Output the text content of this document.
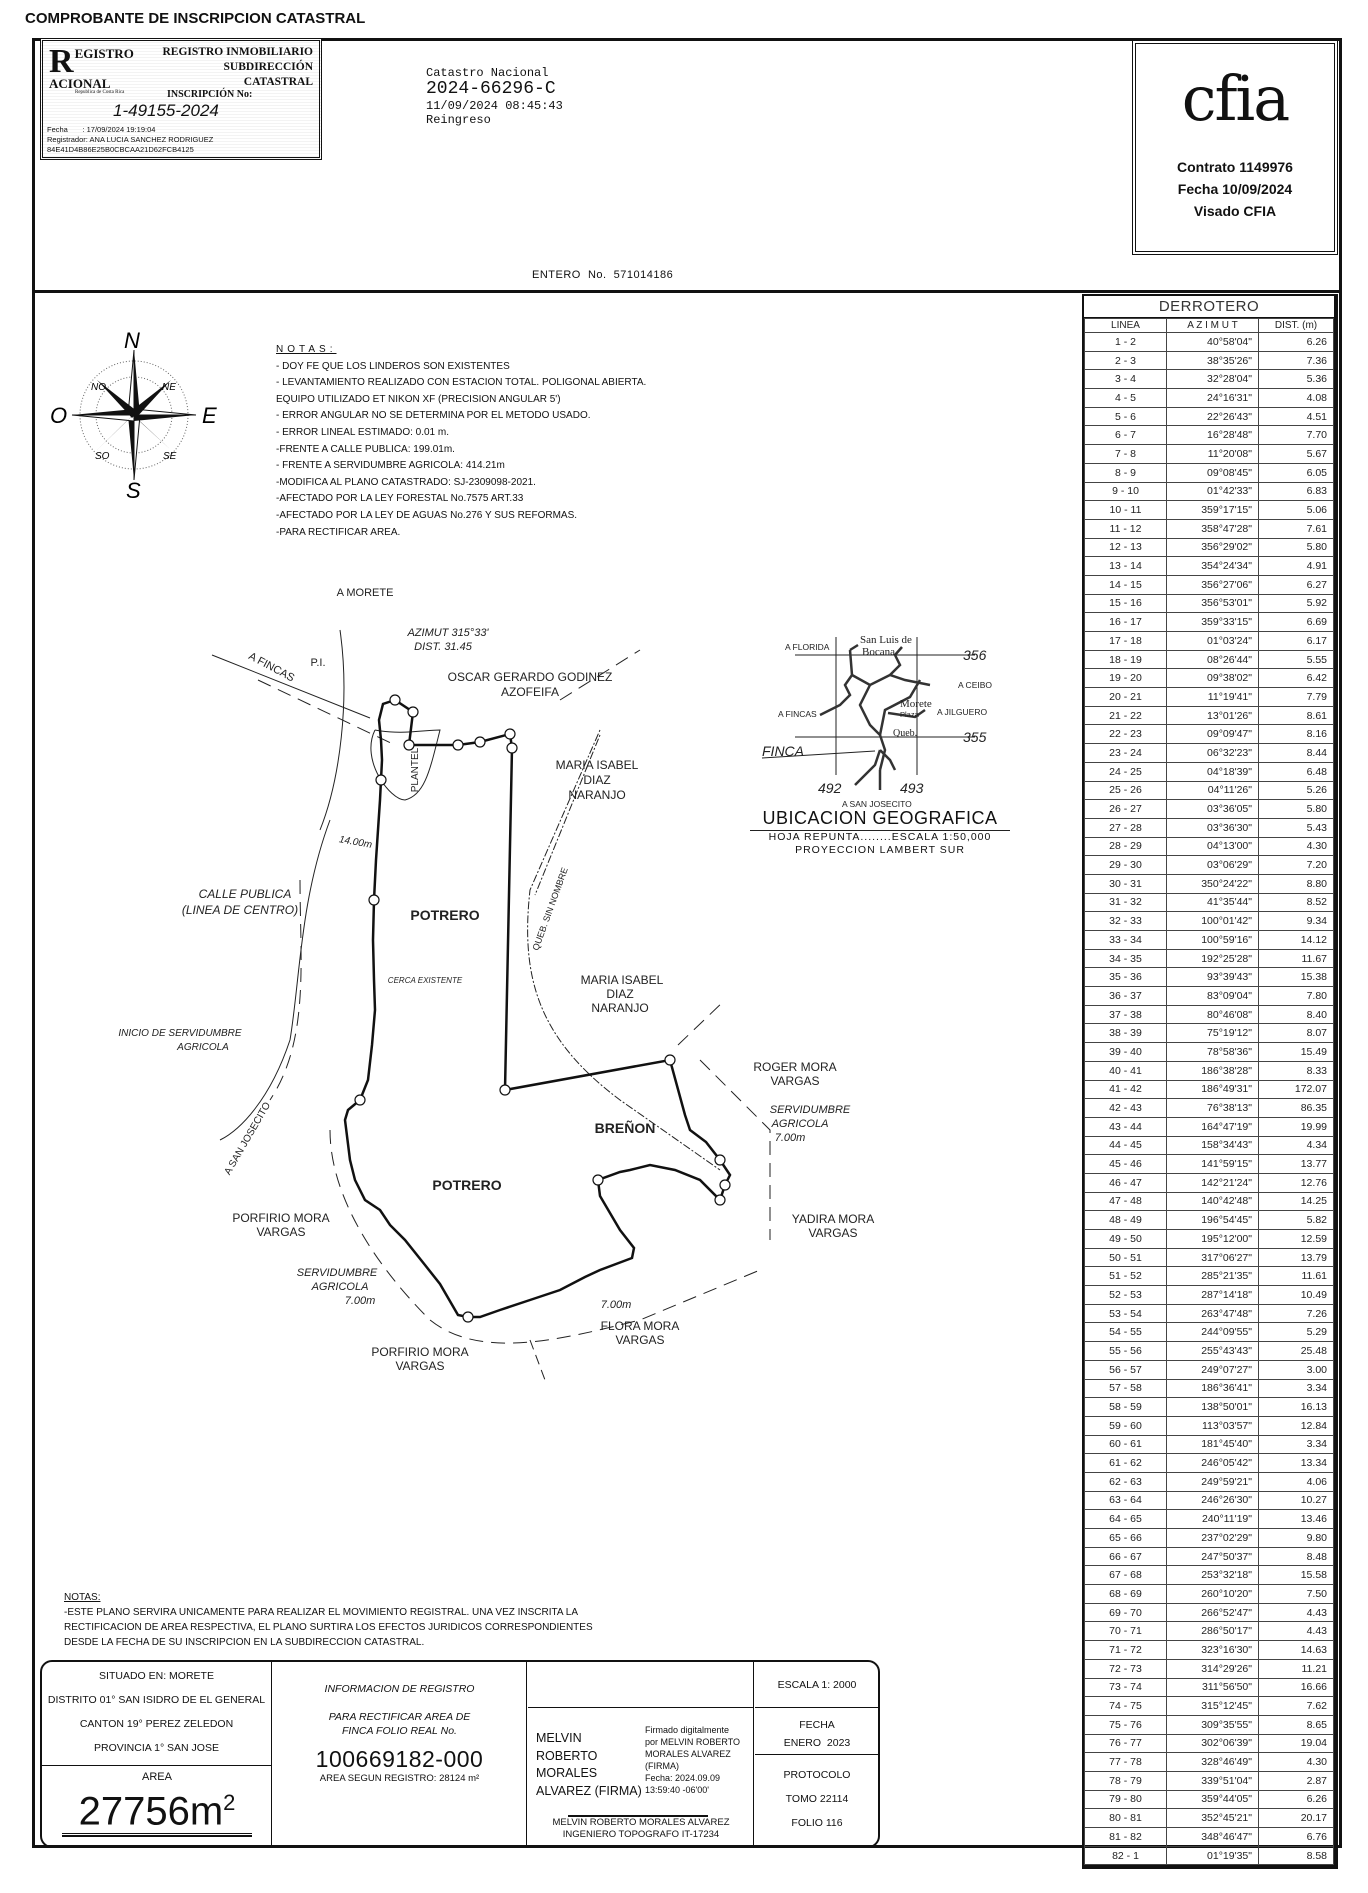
COMPROBANTE DE INSCRIPCION CATASTRAL
REGISTRO
ACIONAL
Republica de Costa Rica
REGISTRO INMOBILIARIO
SUBDIRECCIÓN
CATASTRAL
INSCRIPCIÓN No:
1-49155-2024
Fecha       : 17/09/2024 19:19:04
Registrador: ANA LUCIA SANCHEZ RODRIGUEZ
84E41D4B86E25B0CBCAA21D62FCB4125
Catastro Nacional
2024-66296-C
11/09/2024 08:45:43
Reingreso	cfia
Contrato 1149976
Fecha 10/09/2024
Visado CFIA
ENTERO  No.  571014186
N
S
O	E
NO	NE
SO	SE
NOTAS:
- DOY FE QUE LOS LINDEROS SON EXISTENTES
- LEVANTAMIENTO REALIZADO CON ESTACION TOTAL. POLIGONAL ABIERTA.
EQUIPO UTILIZADO ET NIKON XF (PRECISION ANGULAR 5')
- ERROR ANGULAR NO SE DETERMINA POR EL METODO USADO.
- ERROR LINEAL ESTIMADO: 0.01 m.
-FRENTE A CALLE PUBLICA: 199.01m.
- FRENTE A SERVIDUMBRE AGRICOLA: 414.21m
-MODIFICA AL PLANO CATASTRADO: SJ-2309098-2021.
-AFECTADO POR LA LEY FORESTAL No.7575 ART.33
-AFECTADO POR LA LEY DE AGUAS No.276 Y SUS REFORMAS.
-PARA RECTIFICAR AREA.
A MORETE
A FINCAS P.I.
AZIMUT 315°33'
DIST. 31.45
OSCAR GERARDO GODINEZ
AZOFEIFA
PLANTEL	MARIA ISABEL
DIAZ
NARANJO
POTRERO
CALLE PUBLICA
(LINEA DE CENTRO)
CERCA EXISTENTE
QUEB. SIN NOMBRE
INICIO DE SERVIDUMBRE
AGRICOLA
MARIA ISABEL
DIAZ
NARANJO
BREÑON
ROGER MORA
VARGAS
SERVIDUMBRE
AGRICOLA
7.00m
YADIRA MORA
VARGAS
POTRERO
PORFIRIO MORA
VARGAS
SERVIDUMBRE
AGRICOLA
7.00m
PORFIRIO MORA
VARGAS
FLORA MORA
VARGAS
7.00m
A SAN JOSECITO
14.00m
San Luis de
Bocana
A FLORIDA
A CEIBO
A FINCAS
Morete
Plaza A JILGUERO
Queb.
FINCA
356
355
492	493
A SAN JOSECITO
UBICACION GEOGRAFICA
HOJA REPUNTA........ESCALA 1:50,000
PROYECCION LAMBERT SUR
DERROTERO
LINEA	A Z I M U T	DIST. (m)
1 - 2	40°58'04"	6.26
2 - 3	38°35'26"	7.36
3 - 4	32°28'04"	5.36
4 - 5	24°16'31"	4.08
5 - 6	22°26'43"	4.51
6 - 7	16°28'48"	7.70
7 - 8	11°20'08"	5.67
8 - 9	09°08'45"	6.05
9 - 10	01°42'33"	6.83
10 - 11	359°17'15"	5.06
11 - 12	358°47'28"	7.61
12 - 13	356°29'02"	5.80
13 - 14	354°24'34"	4.91
14 - 15	356°27'06"	6.27
15 - 16	356°53'01"	5.92
16 - 17	359°33'15"	6.69
17 - 18	01°03'24"	6.17
18 - 19	08°26'44"	5.55
19 - 20	09°38'02"	6.42
20 - 21	11°19'41"	7.79
21 - 22	13°01'26"	8.61
22 - 23	09°09'47"	8.16
23 - 24	06°32'23"	8.44
24 - 25	04°18'39"	6.48
25 - 26	04°11'26"	5.26
26 - 27	03°36'05"	5.80
27 - 28	03°36'30"	5.43
28 - 29	04°13'00"	4.30
29 - 30	03°06'29"	7.20
30 - 31	350°24'22"	8.80
31 - 32	41°35'44"	8.52
32 - 33	100°01'42"	9.34
33 - 34	100°59'16"	14.12
34 - 35	192°25'28"	11.67
35 - 36	93°39'43"	15.38
36 - 37	83°09'04"	7.80
37 - 38	80°46'08"	8.40
38 - 39	75°19'12"	8.07
39 - 40	78°58'36"	15.49
40 - 41	186°38'28"	8.33
41 - 42	186°49'31"	172.07
42 - 43	76°38'13"	86.35
43 - 44	164°47'19"	19.99
44 - 45	158°34'43"	4.34
45 - 46	141°59'15"	13.77
46 - 47	142°21'24"	12.76
47 - 48	140°42'48"	14.25
48 - 49	196°54'45"	5.82
49 - 50	195°12'00"	12.59
50 - 51	317°06'27"	13.79
51 - 52	285°21'35"	11.61
52 - 53	287°14'18"	10.49
53 - 54	263°47'48"	7.26
54 - 55	244°09'55"	5.29
55 - 56	255°43'43"	25.48
56 - 57	249°07'27"	3.00
57 - 58	186°36'41"	3.34
58 - 59	138°50'01"	16.13
59 - 60	113°03'57"	12.84
60 - 61	181°45'40"	3.34
61 - 62	246°05'42"	13.34
62 - 63	249°59'21"	4.06
63 - 64	246°26'30"	10.27
64 - 65	240°11'19"	13.46
65 - 66	237°02'29"	9.80
66 - 67	247°50'37"	8.48
67 - 68	253°32'18"	15.58
68 - 69	260°10'20"	7.50
69 - 70	266°52'47"	4.43
70 - 71	286°50'17"	4.43
71 - 72	323°16'30"	14.63
72 - 73	314°29'26"	11.21
73 - 74	311°56'50"	16.66
74 - 75	315°12'45"	7.62
75 - 76	309°35'55"	8.65
76 - 77	302°06'39"	19.04
77 - 78	328°46'49"	4.30
78 - 79	339°51'04"	2.87
79 - 80	359°44'05"	6.26
80 - 81	352°45'21"	20.17
81 - 82	348°46'47"	6.76
82 - 1	01°19'35"	8.58
NOTAS:
-ESTE PLANO SERVIRA UNICAMENTE PARA REALIZAR EL MOVIMIENTO REGISTRAL. UNA VEZ INSCRITA LA
RECTIFICACION DE AREA RESPECTIVA, EL PLANO SURTIRA LOS EFECTOS JURIDICOS CORRESPONDIENTES
DESDE LA FECHA DE SU INSCRIPCION EN LA SUBDIRECCION CATASTRAL.
SITUADO EN: MORETE
DISTRITO 01° SAN ISIDRO DE EL GENERAL
CANTON 19° PEREZ ZELEDON
PROVINCIA 1° SAN JOSE
AREA
$27756m^2$
INFORMACION DE REGISTRO
PARA RECTIFICAR AREA DE
FINCA FOLIO REAL No.
100669182-000
AREA SEGUN REGISTRO: 28124 m²
MELVIN
ROBERTO
MORALES
ALVAREZ (FIRMA)
Firmado digitalmente
por MELVIN ROBERTO
MORALES ALVAREZ
(FIRMA)
Fecha: 2024.09.09
13:59:40 -06'00'
MELVIN ROBERTO MORALES ALVAREZ
INGENIERO TOPOGRAFO IT-17234
ESCALA 1: 2000
FECHA
ENERO  2023
PROTOCOLO
TOMO 22114
FOLIO 116
